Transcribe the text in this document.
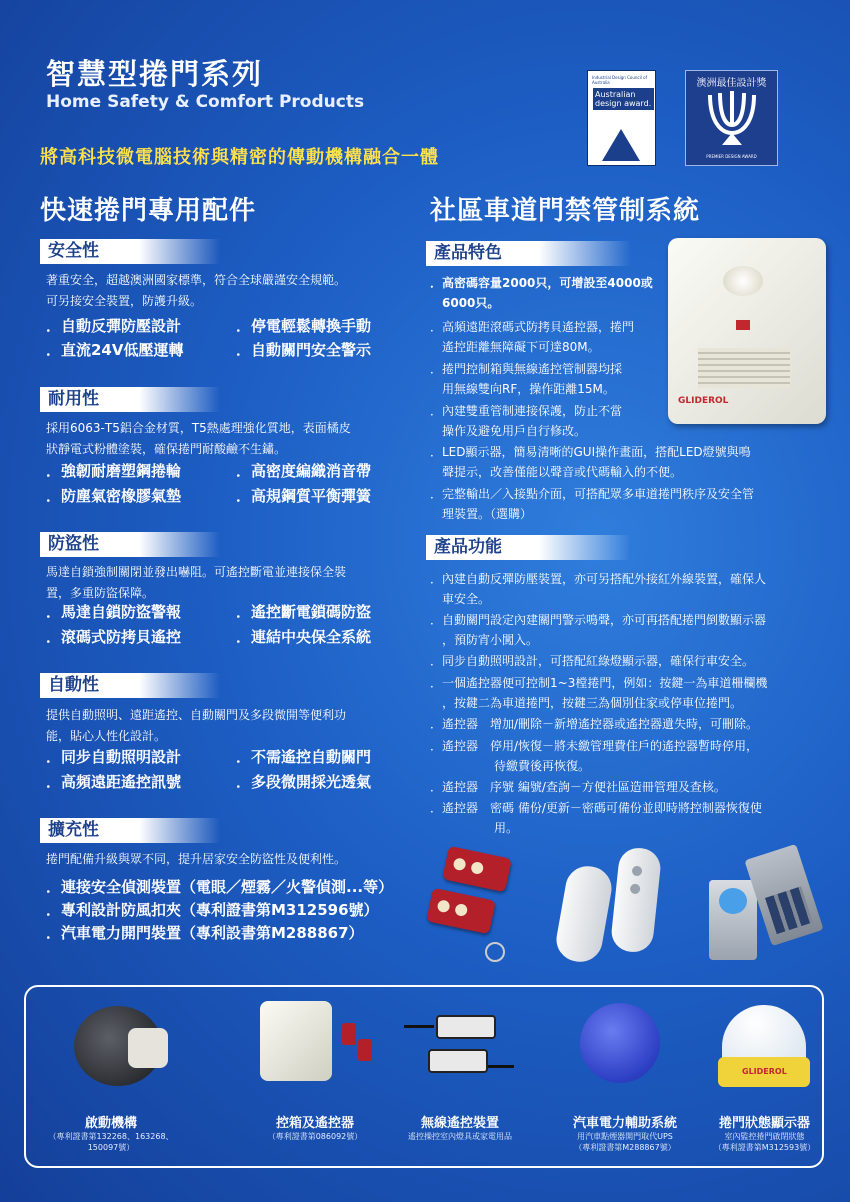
智慧型捲門系列
Home Safety & Comfort Products
將高科技微電腦技術與精密的傳動機構融合一體
Industrial Design Council of Australia
Australian design award.
澳洲最佳設計獎
PREMIER DESIGN AWARD
快速捲門專用配件
安全性
著重安全，超越澳洲國家標準，符合全球嚴謹安全規範。
可另接安全裝置，防護升級。
．自動反彈防壓設計	．停電輕鬆轉換手動
．直流24V低壓運轉	．自動關門安全警示
耐用性
採用6063-T5鋁合金材質，T5熱處理強化質地，表面橘皮
狀靜電式粉體塗裝，確保捲門耐酸鹼不生鏽。
．強韌耐磨塑鋼捲輪	．高密度編織消音帶
．防塵氣密橡膠氣墊	．高規鋼質平衡彈簧
防盜性
馬達自鎖強制關閉並發出嚇阻。可遙控斷電並連接保全裝
置，多重防盜保障。
．馬達自鎖防盜警報	．遙控斷電鎖碼防盜
．滾碼式防拷貝遙控	．連結中央保全系統
自動性
提供自動照明、遠距遙控、自動關門及多段微開等便利功
能，貼心人性化設計。
．同步自動照明設計	．不需遙控自動關門
．高頻遠距遙控訊號	．多段微開採光透氣
擴充性
捲門配備升級與眾不同，提升居家安全防盜性及便利性。
．連接安全偵測裝置（電眼／煙霧／火警偵測...等）
．專利設計防風扣夾（專利證書第M312596號）
．汽車電力開門裝置（專利設書第M288867）
社區車道門禁管制系統
產品特色
GLIDEROL
．高密碼容量2000只，可增設至4000或
6000只。
．高頻遠距滾碼式防拷貝遙控器，捲門
遙控距離無障礙下可達80M。
．捲門控制箱與無線遙控管制器均採
用無線雙向RF，操作距離15M。
．內建雙重管制連接保護，防止不當
操作及避免用戶自行修改。
．LED顯示器，簡易清晰的GUI操作畫面，搭配LED燈號與鳴
聲提示，改善僅能以聲音或代碼輸入的不便。
．完整輸出／入接點介面，可搭配眾多車道捲門秩序及安全管
理裝置。（選購）
產品功能
．內建自動反彈防壓裝置，亦可另搭配外接紅外線裝置，確保人
車安全。
．自動關門設定內建關門警示鳴聲，亦可再搭配捲門倒數顯示器
，預防宵小闖入。
．同步自動照明設計，可搭配紅綠燈顯示器，確保行車安全。
．一個遙控器便可控制1~3樘捲門，例如：按鍵一為車道柵欄機
，按鍵二為車道捲門，按鍵三為個別住家或停車位捲門。
．遙控器　增加/刪除－新增遙控器或遙控器遺失時，可刪除。
．遙控器　停用/恢復－將未繳管理費住戶的遙控器暫時停用，
待繳費後再恢復。
．遙控器　序號 編號/查詢－方便社區造冊管理及查核。
．遙控器　密碼 備份/更新－密碼可備份並即時將控制器恢復使
用。
啟動機構
（專利證書第132268、163268、150097號）
控箱及遙控器
（專利證書第086092號）
無線遙控裝置
遙控操控室內燈具或家電用品
汽車電力輔助系統
用汽車點煙器開門取代UPS
（專利證書第M288867號）
GLIDEROL
捲門狀態顯示器
室內監控捲門啟閉狀態
（專利證書第M312593號）
